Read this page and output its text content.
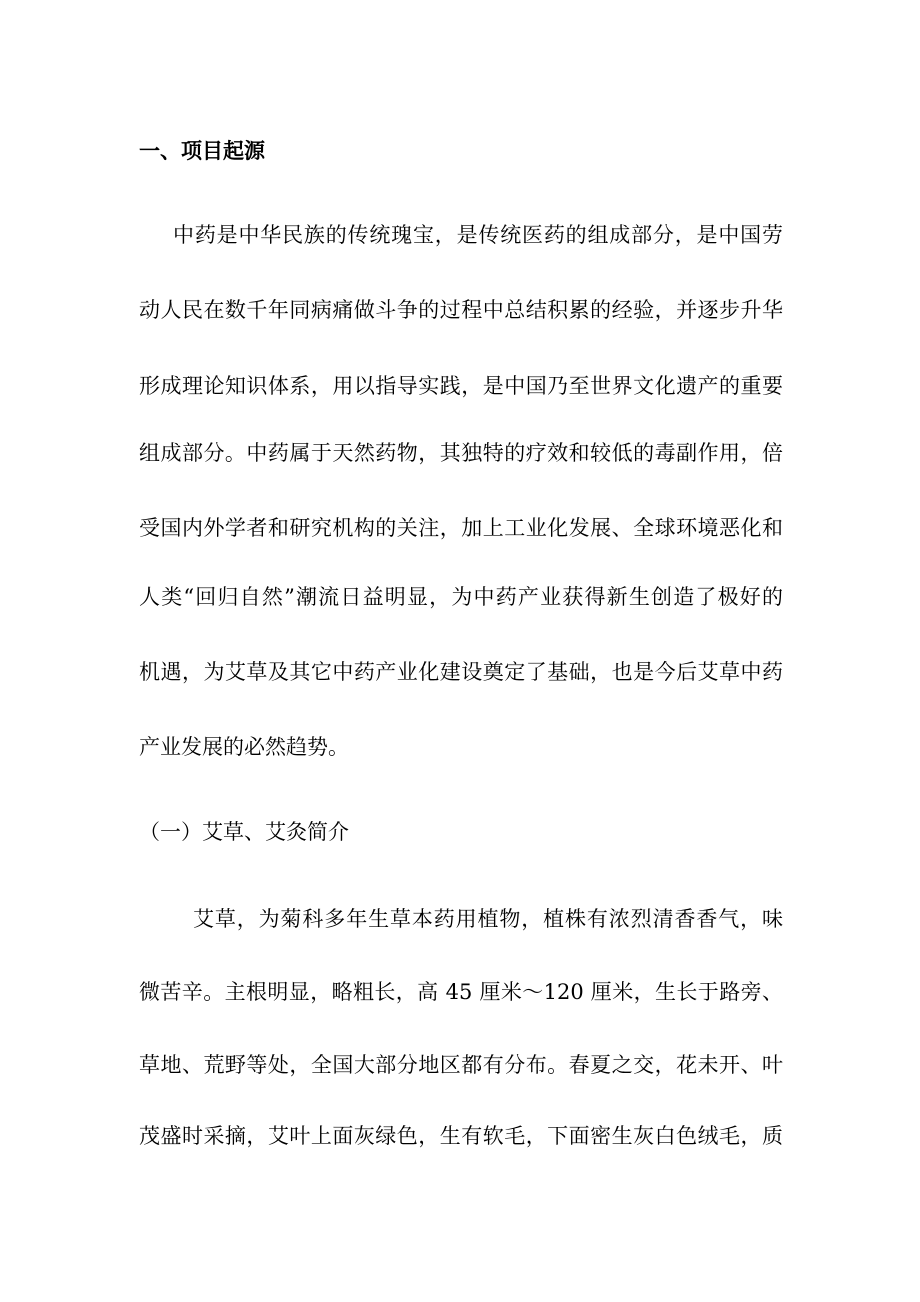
一、项目起源
中药是中华民族的传统瑰宝，是传统医药的组成部分，是中国劳
动人民在数千年同病痛做斗争的过程中总结积累的经验，并逐步升华
形成理论知识体系，用以指导实践，是中国乃至世界文化遗产的重要
组成部分。中药属于天然药物，其独特的疗效和较低的毒副作用，倍
受国内外学者和研究机构的关注，加上工业化发展、全球环境恶化和
人类“回归自然”潮流日益明显，为中药产业获得新生创造了极好的
机遇，为艾草及其它中药产业化建设奠定了基础，也是今后艾草中药
产业发展的必然趋势。
（一）艾草、艾灸简介
艾草，为菊科多年生草本药用植物，植株有浓烈清香香气，味
微苦辛。主根明显，略粗长，高 45 厘米～120 厘米，生长于路旁、
草地、荒野等处，全国大部分地区都有分布。春夏之交，花未开、叶
茂盛时采摘，艾叶上面灰绿色，生有软毛，下面密生灰白色绒毛，质
